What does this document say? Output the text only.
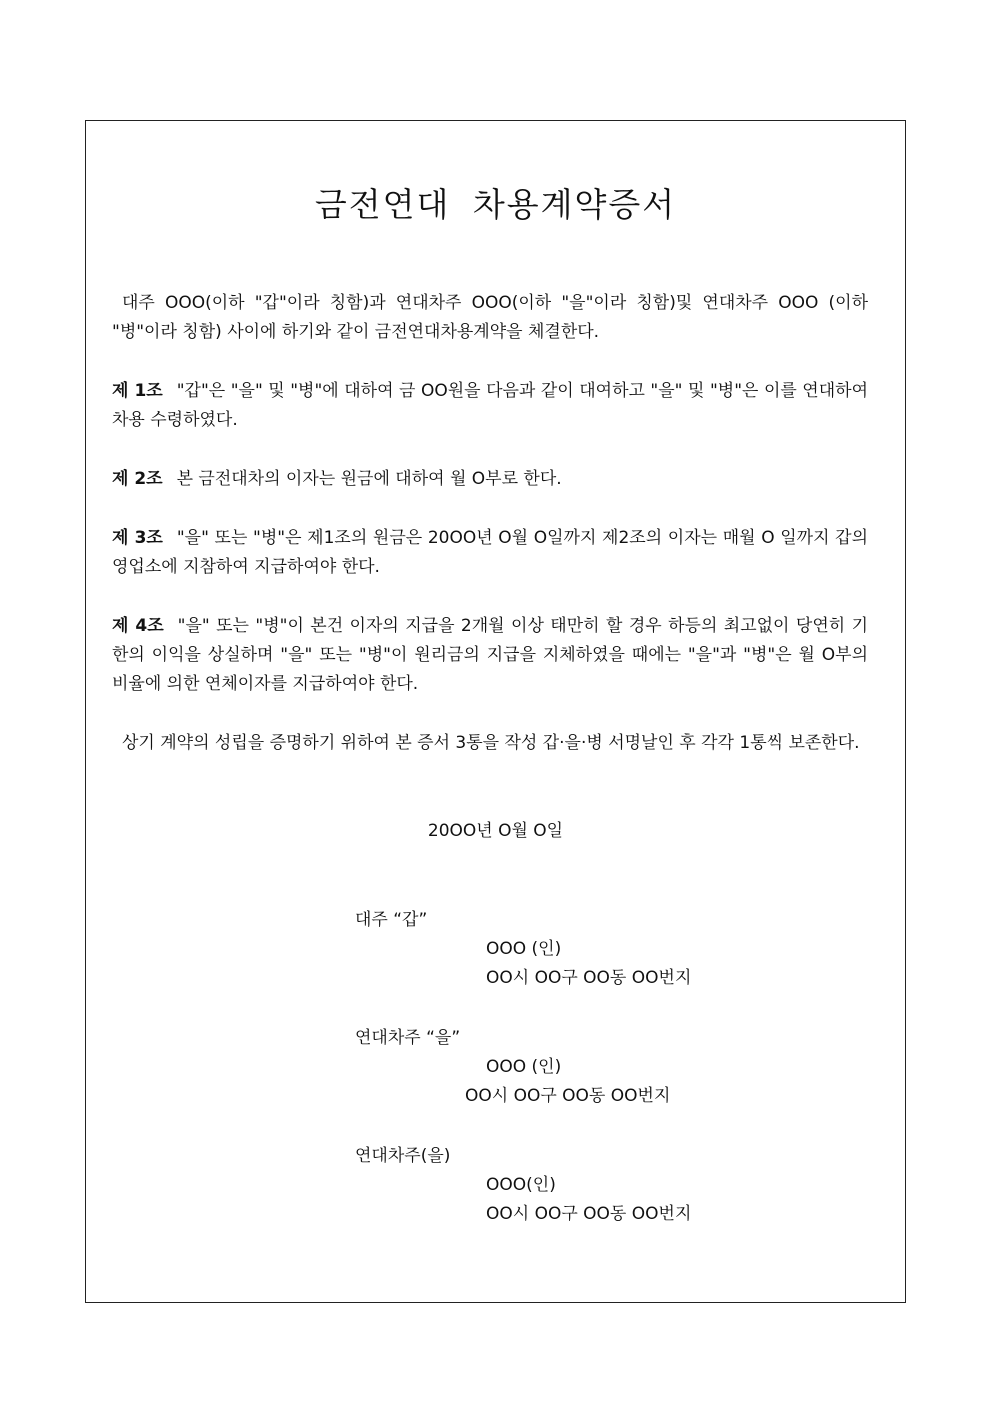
금전연대 차용계약증서

대주 OOO(이하 "갑"이라 칭함)과 연대차주 OOO(이하 "을"이라 칭함)및 연대차주 OOO (이하 "병"이라 칭함) 사이에 하기와 같이 금전연대차용계약을 체결한다.

제 1조 "갑"은 "을" 및 "병"에 대하여 금 OO원을 다음과 같이 대여하고 "을" 및 "병"은 이를 연대하여 차용 수령하였다.

제 2조 본 금전대차의 이자는 원금에 대하여 월 O부로 한다.

제 3조 "을" 또는 "병"은 제1조의 원금은 20OO년 O월 O일까지 제2조의 이자는 매월 O 일까지 갑의 영업소에 지참하여 지급하여야 한다.

제 4조 "을" 또는 "병"이 본건 이자의 지급을 2개월 이상 태만히 할 경우 하등의 최고없이 당연히 기한의 이익을 상실하며 "을" 또는 "병"이 원리금의 지급을 지체하였을 때에는 "을"과 "병"은 월 O부의 비율에 의한 연체이자를 지급하여야 한다.

상기 계약의 성립을 증명하기 위하여 본 증서 3통을 작성 갑·을·병 서명날인 후 각각 1통씩 보존한다.

20OO년 O월 O일
대주 “갑”
OOO (인)
OO시 OO구 OO동 OO번지
연대차주 “을”
OOO (인)
OO시 OO구 OO동 OO번지
연대차주(을)
OOO(인)
OO시 OO구 OO동 OO번지
